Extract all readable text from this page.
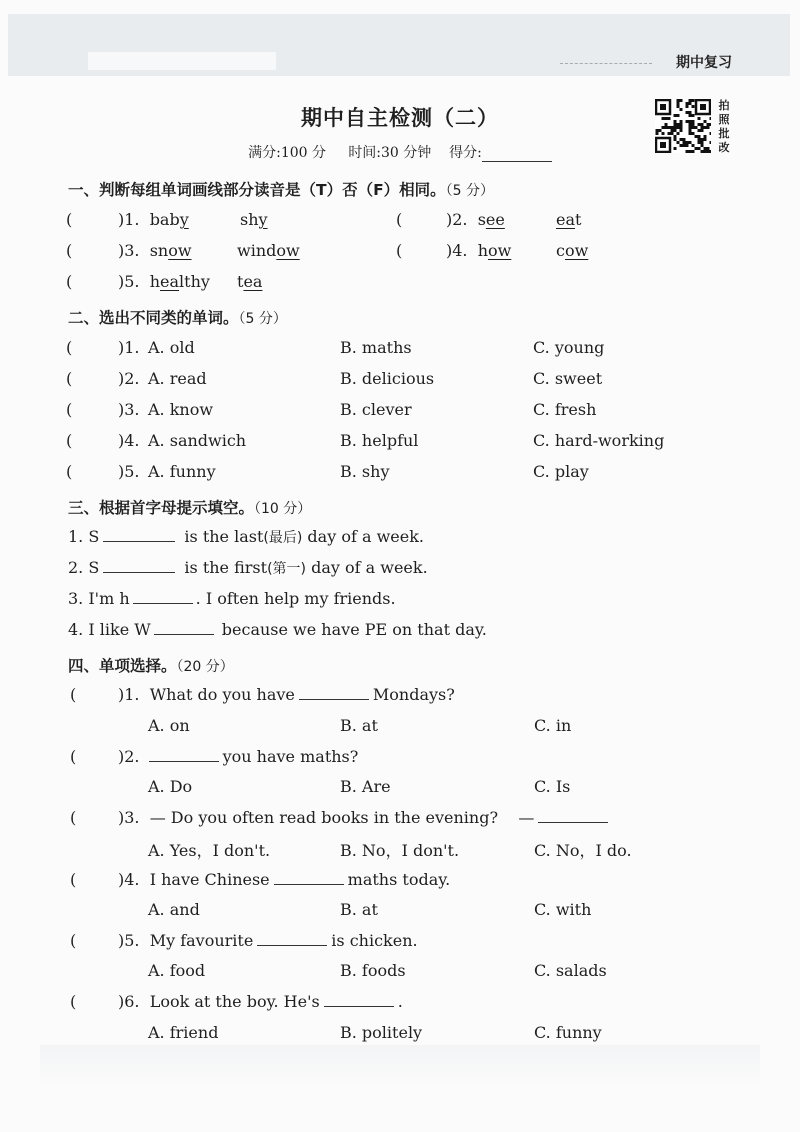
期中复习
期中自主检测（二）
满分:100 分 时间:30 分钟 得分:
拍
照
批
改
一、判断每组单词画线部分读音是（T）否（F）相同。（5 分）
(	)1. baby	shy	(	)2. see	eat
(	)3. snow	window	(	)4. how	cow
(	)5. healthy tea
二、选出不同类的单词。（5 分）
(	)1. A. old	B. maths	C. young
(	)2. A. read	B. delicious	C. sweet
(	)3. A. know	B. clever	C. fresh
(	)4. A. sandwich	B. helpful	C. hard-working
(	)5. A. funny	B. shy	C. play
三、根据首字母提示填空。（10 分）
1. S	is the last(最后) day of a week.
2. S	is the first(第一) day of a week.
3. I'm h	. I often help my friends.
4. I like W	because we have PE on that day.
四、单项选择。（20 分）
(	)1. What do you have	Mondays?
A. on	B. at	C. in
(	)2.	you have maths?
A. Do	B. Are	C. Is
(	)3. — Do you often read books in the evening? —
A. Yes，I don't.	B. No，I don't.	C. No，I do.
(	)4. I have Chinese	maths today.
A. and	B. at	C. with
(	)5. My favourite	is chicken.
A. food	B. foods	C. salads
(	)6. Look at the boy. He's	.
A. friend	B. politely	C. funny
